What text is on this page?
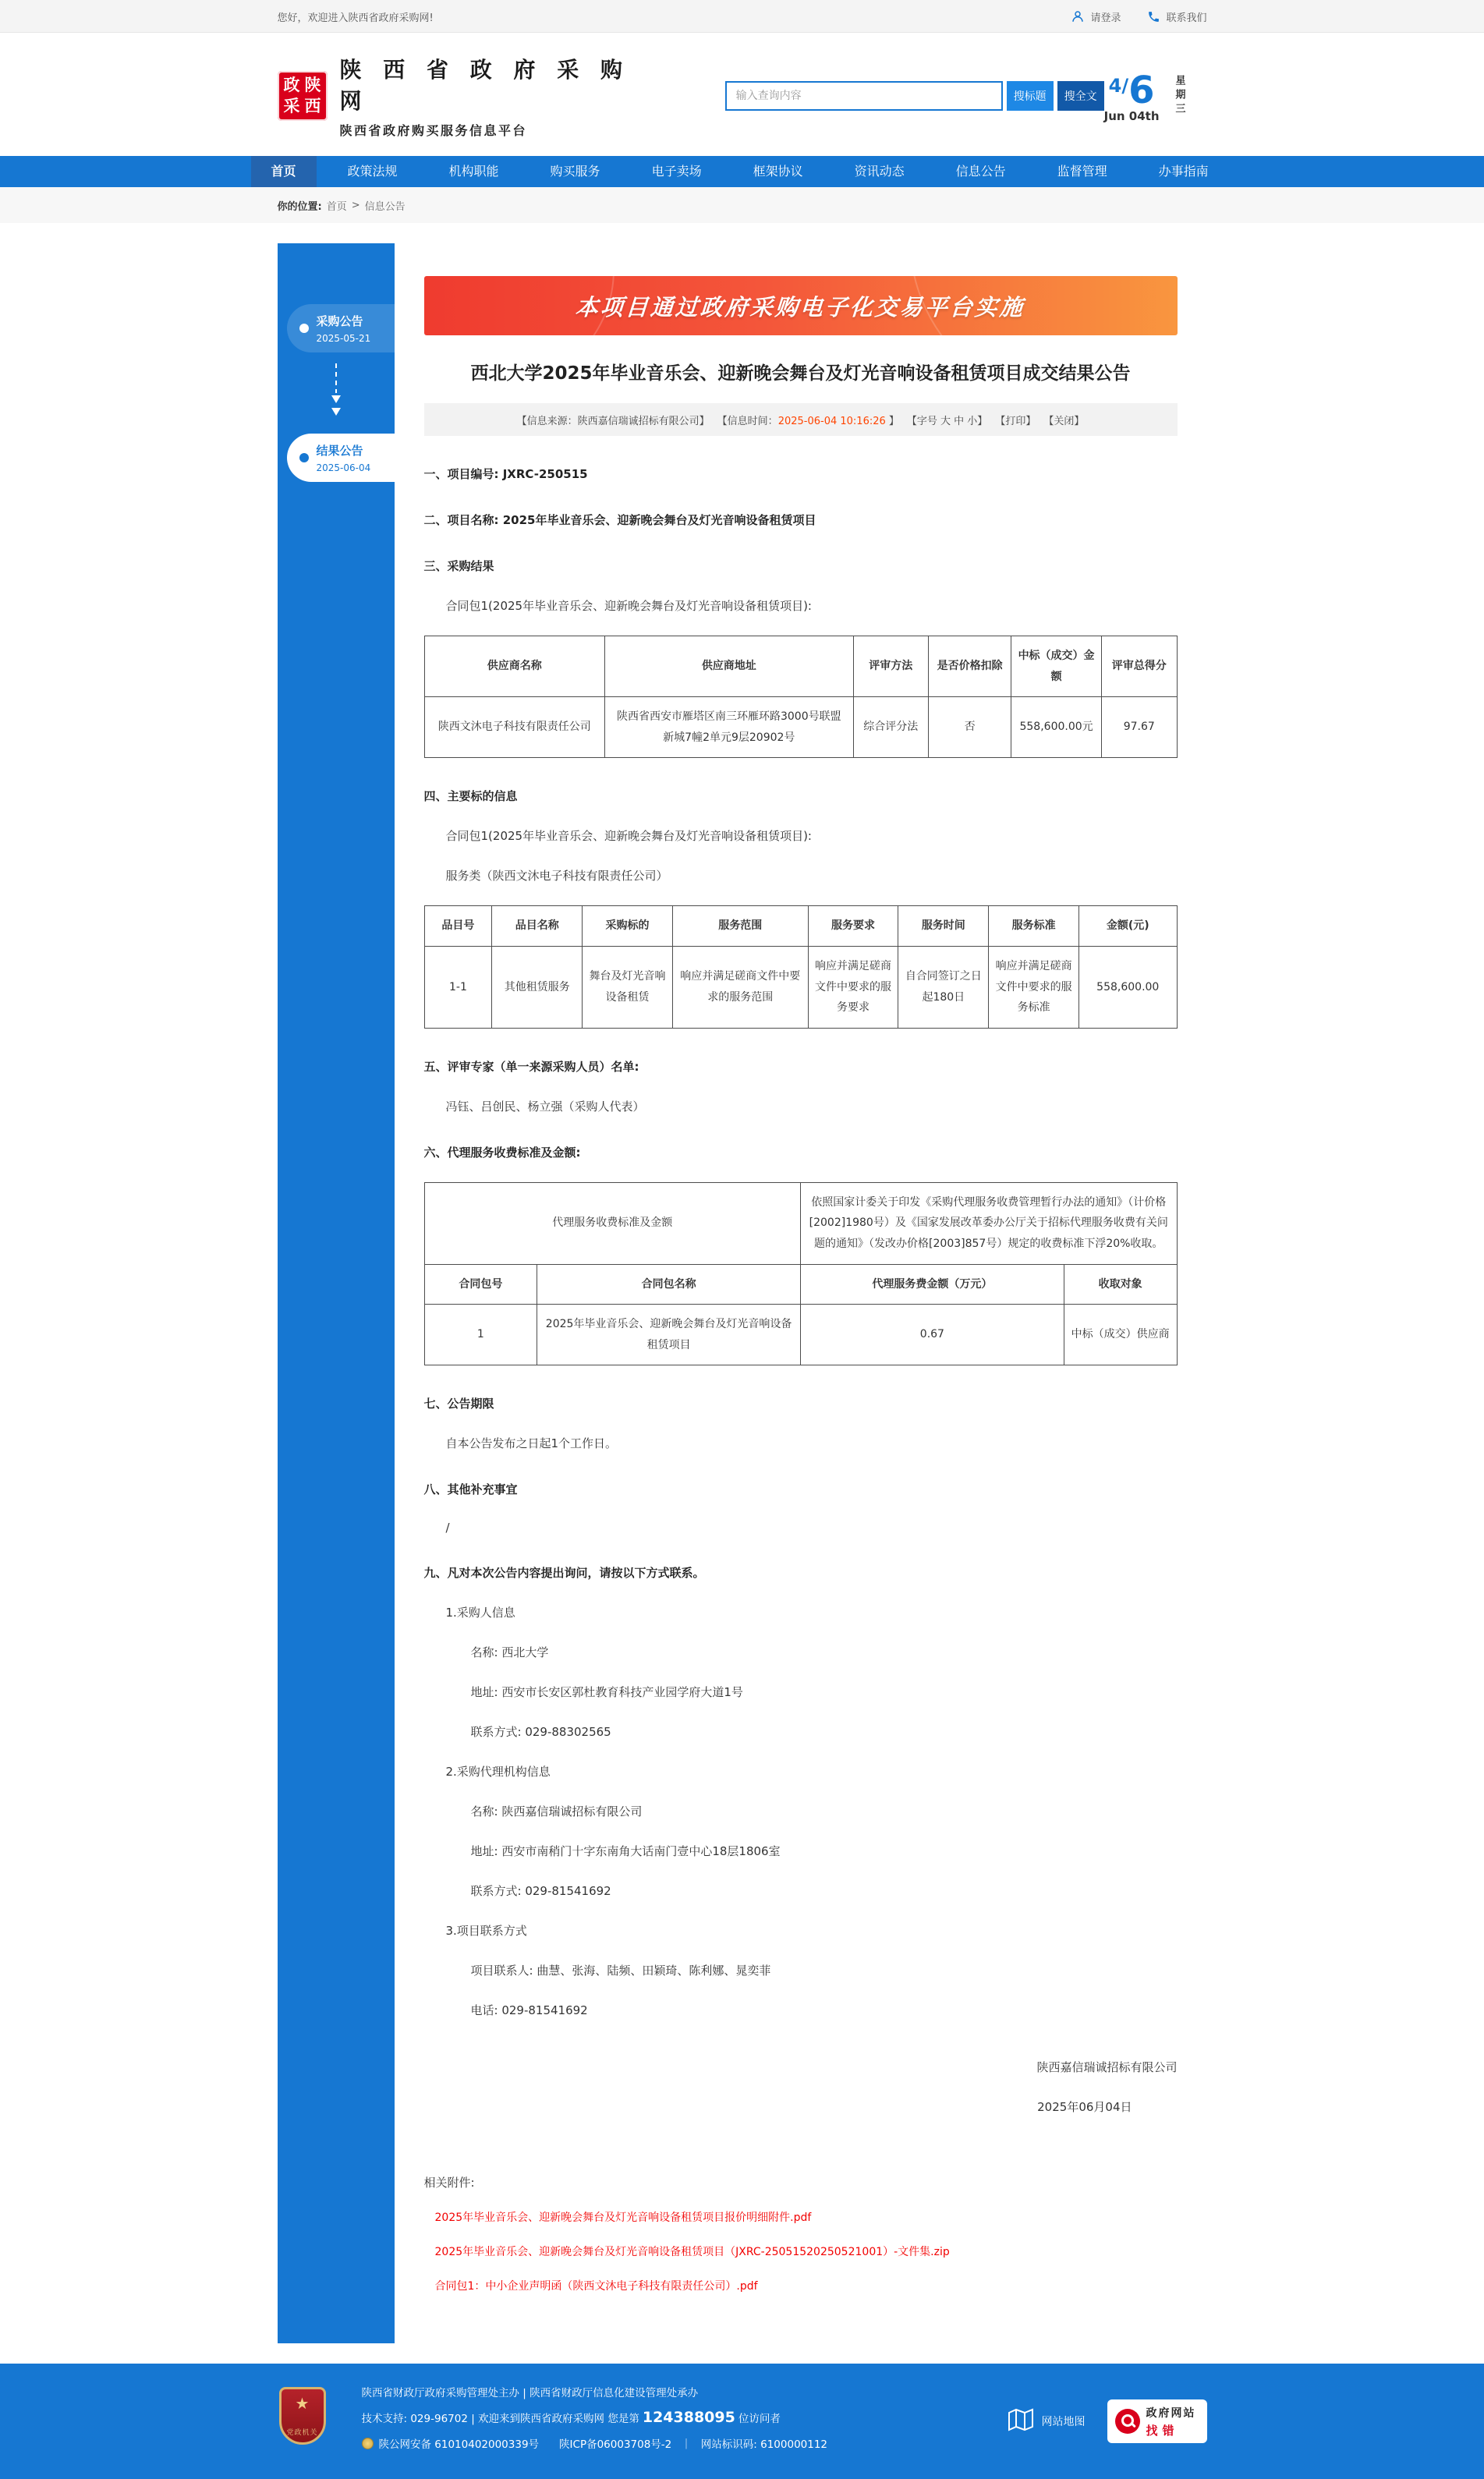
您好，欢迎进入陕西省政府采购网!	请登录	联系我们
政 陕
采 西
陕 西 省 政 府 采 购 网
陕西省政府购买服务信息平台
输入查询内容
搜标题	搜全文 4/6
Jun 04th 星期三
首页	政策法规	机构职能	购买服务	电子卖场	框架协议	资讯动态	信息公告	监督管理	办事指南
你的位置: 首页 > 信息公告
采购公告
2025-05-21
结果公告
2025-06-04
本项目通过政府采购电子化交易平台实施
西北大学2025年毕业音乐会、迎新晚会舞台及灯光音响设备租赁项目成交结果公告
【信息来源：陕西嘉信瑞诚招标有限公司】 【信息时间：2025-06-04 10:16:26 】 【字号 大 中 小】 【打印】 【关闭】
一、项目编号: JXRC-250515
二、项目名称: 2025年毕业音乐会、迎新晚会舞台及灯光音响设备租赁项目
三、采购结果
合同包1(2025年毕业音乐会、迎新晚会舞台及灯光音响设备租赁项目):
供应商名称	供应商地址	评审方法	是否价格扣除	中标（成交）金额	评审总得分
陕西文沐电子科技有限责任公司	陕西省西安市雁塔区南三环雁环路3000号联盟新城7幢2单元9层20902号	综合评分法	否	558,600.00元	97.67
四、主要标的信息
合同包1(2025年毕业音乐会、迎新晚会舞台及灯光音响设备租赁项目):
服务类（陕西文沐电子科技有限责任公司）
品目号	品目名称	采购标的	服务范围	服务要求	服务时间	服务标准	金额(元)
1-1	其他租赁服务	舞台及灯光音响设备租赁	响应并满足磋商文件中要求的服务范围	响应并满足磋商文件中要求的服务要求	自合同签订之日起180日	响应并满足磋商文件中要求的服务标准	558,600.00
五、评审专家（单一来源采购人员）名单:
冯钰、吕创民、杨立强（采购人代表）
六、代理服务收费标准及金额:
代理服务收费标准及金额		依照国家计委关于印发《采购代理服务收费管理暂行办法的通知》（计价格[2002]1980号）及《国家发展改革委办公厅关于招标代理服务收费有关问题的通知》（发改办价格[2003]857号）规定的收费标准下浮20%收取。	
合同包号	合同包名称	代理服务费金额（万元）	收取对象
1	2025年毕业音乐会、迎新晚会舞台及灯光音响设备租赁项目	0.67	中标（成交）供应商
七、公告期限
自本公告发布之日起1个工作日。
八、其他补充事宜
/
九、凡对本次公告内容提出询问，请按以下方式联系。
1.采购人信息
名称: 西北大学
地址: 西安市长安区郭杜教育科技产业园学府大道1号
联系方式: 029-88302565
2.采购代理机构信息
名称: 陕西嘉信瑞诚招标有限公司
地址: 西安市南稍门十字东南角大话南门壹中心18层1806室
联系方式: 029-81541692
3.项目联系方式
项目联系人: 曲慧、张海、陆频、田颖琦、陈利娜、晁奕菲
电话: 029-81541692
陕西嘉信瑞诚招标有限公司
2025年06月04日
相关附件:
2025年毕业音乐会、迎新晚会舞台及灯光音响设备租赁项目报价明细附件.pdf
2025年毕业音乐会、迎新晚会舞台及灯光音响设备租赁项目（JXRC-25051520250521001）-文件集.zip
合同包1：中小企业声明函（陕西文沐电子科技有限责任公司）.pdf
★
党政机关
陕西省财政厅政府采购管理处主办 | 陕西省财政厅信息化建设管理处承办
技术支持: 029-96702 | 欢迎来到陕西省政府采购网 您是第 124388095 位访问者
陕公网安备 61010402000339号 陕ICP备06003708号-2 ｜ 网站标识码: 6100000112
网站地图
政府网站
找错
